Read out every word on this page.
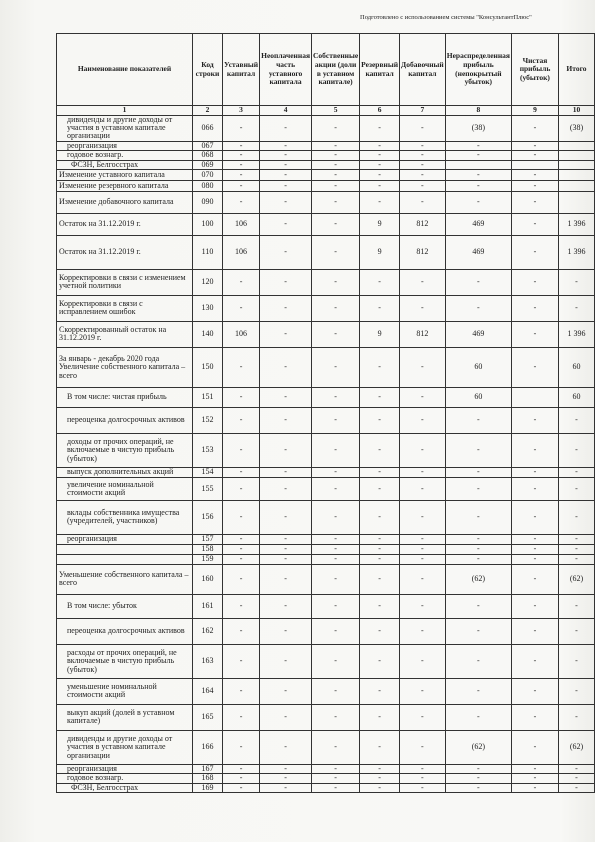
Подготовлено с использованием системы "КонсультантПлюс"
Наименование показателей	Код строки	Уставный капитал	Неоплаченная часть уставного капитала	Собственные акции (доли в уставном капитале)	Резервный капитал	Добавочный капитал	Нераспределенная прибыль (непокрытый убыток)	Чистая прибыль (убыток)	Итого
1	2	3	4	5	6	7	8	9	10
дивиденды и другие доходы от участия в уставном капитале организации	066	-	-	-	-	-	(38)	-	(38)
реорганизация	067	-	-	-	-	-	-	-	
годовое вознагр.	068	-	-	-	-	-	-	-	
ФСЗН, Белгосстрах	069	-	-	-	-	-			
Изменение уставного капитала	070	-	-	-	-	-	-	-	
Изменение резервного капитала	080	-	-	-	-	-	-	-	
Изменение добавочного капитала	090	-	-	-	-	-	-	-	
Остаток на 31.12.2019 г.	100	106	-	-	9	812	469	-	1 396
Остаток на 31.12.2019 г.	110	106	-	-	9	812	469	-	1 396
Корректировки в связи с изменением учетной политики	120	-	-	-	-	-	-	-	-
Корректировки в связи с исправлением ошибок	130	-	-	-	-	-	-	-	-
Скорректированный остаток на 31.12.2019 г.	140	106	-	-	9	812	469	-	1 396
За январь - декабрь 2020 года Увеличение собственного капитала – всего	150	-	-	-	-	-	60	-	60
В том числе: чистая прибыль	151	-	-	-	-	-	60		60
переоценка долгосрочных активов	152	-	-	-	-	-	-	-	-
доходы от прочих операций, не включаемые в чистую прибыль (убыток)	153	-	-	-	-	-	-	-	-
выпуск дополнительных акций	154	-	-	-	-	-	-	-	-
увеличение номинальной стоимости акций	155	-	-	-	-	-	-	-	-
вклады собственника имущества (учредителей, участников)	156	-	-	-	-	-	-	-	-
реорганизация	157	-	-	-	-	-	-	-	-
	158	-	-	-	-	-	-	-	-
	159	-	-	-	-	-	-	-	-
Уменьшение собственного капитала – всего	160	-	-	-	-	-	(62)	-	(62)
В том числе: убыток	161	-	-	-	-	-	-	-	-
переоценка долгосрочных активов	162	-	-	-	-	-	-	-	-
расходы от прочих операций, не включаемые в чистую прибыль (убыток)	163	-	-	-	-	-	-	-	-
уменьшение номинальной стоимости акций	164	-	-	-	-	-	-	-	-
выкуп акций (долей в уставном капитале)	165	-	-	-	-	-	-	-	-
дивиденды и другие доходы от участия в уставном капитале организации	166	-	-	-	-	-	(62)	-	(62)
реорганизация	167	-	-	-	-	-	-	-	-
годовое вознагр.	168	-	-	-	-	-	-	-	-
ФСЗН, Белгосстрах	169	-	-	-	-	-	-	-	-
